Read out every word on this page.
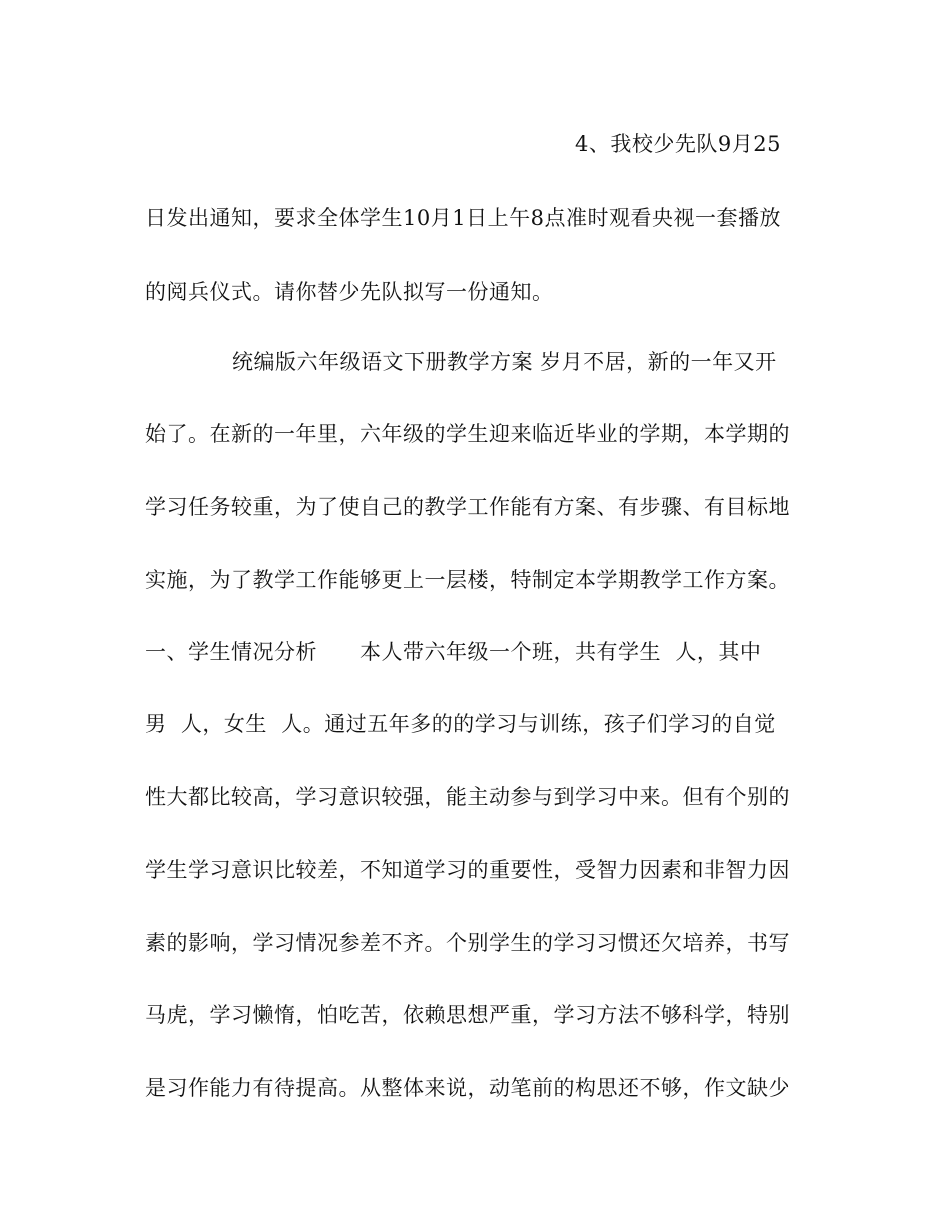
4、我校少先队9月25
日发出通知，要求全体学生10月1日上午8点准时观看央视一套播放
的阅兵仪式。请你替少先队拟写一份通知。
统编版六年级语文下册教学方案 岁月不居，新的一年又开
始了。在新的一年里，六年级的学生迎来临近毕业的学期，本学期的
学习任务较重，为了使自己的教学工作能有方案、有步骤、有目标地
实施，为了教学工作能够更上一层楼，特制定本学期教学工作方案。
一、学生情况分析      本人带六年级一个班，共有学生  人，其中
男  人，女生  人。通过五年多的的学习与训练，孩子们学习的自觉
性大都比较高，学习意识较强，能主动参与到学习中来。但有个别的
学生学习意识比较差，不知道学习的重要性，受智力因素和非智力因
素的影响，学习情况参差不齐。个别学生的学习习惯还欠培养，书写
马虎，学习懒惰，怕吃苦，依赖思想严重，学习方法不够科学，特别
是习作能力有待提高。从整体来说，动笔前的构思还不够，作文缺少
